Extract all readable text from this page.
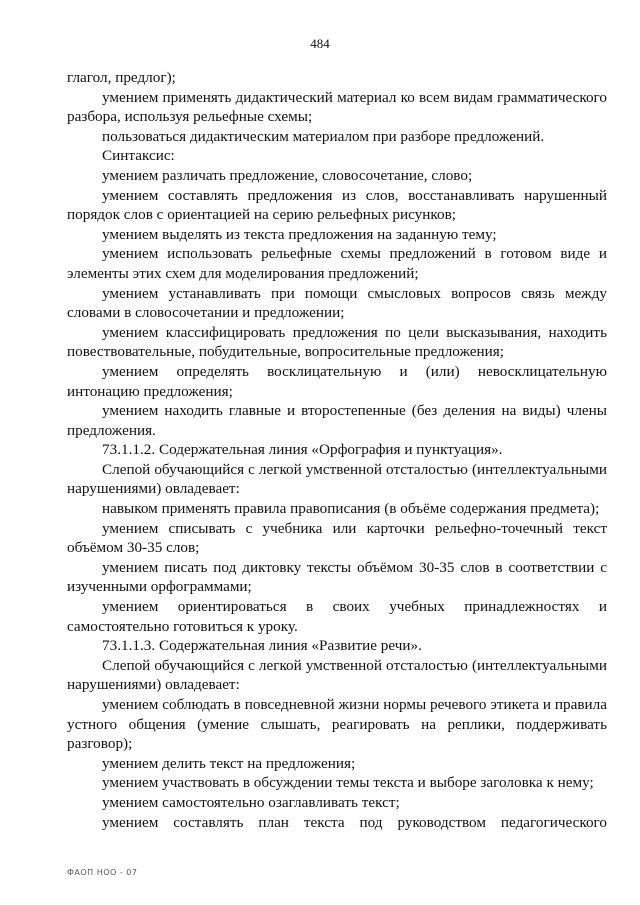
484

глагол, предлог);

умением применять дидактический материал ко всем видам грамматического разбора, используя рельефные схемы;

пользоваться дидактическим материалом при разборе предложений.

Синтаксис:

умением различать предложение, словосочетание, слово;

умением составлять предложения из слов, восстанавливать нарушенный порядок слов с ориентацией на серию рельефных рисунков;

умением выделять из текста предложения на заданную тему;

умением использовать рельефные схемы предложений в готовом виде и элементы этих схем для моделирования предложений;

умением устанавливать при помощи смысловых вопросов связь между словами в словосочетании и предложении;

умением классифицировать предложения по цели высказывания, находить повествовательные, побудительные, вопросительные предложения;

умением определять восклицательную и (или) невосклицательную интонацию предложения;

умением находить главные и второстепенные (без деления на виды) члены предложения.

73.1.1.2. Содержательная линия «Орфография и пунктуация».

Слепой обучающийся с легкой умственной отсталостью (интеллектуальными нарушениями) овладевает:

навыком применять правила правописания (в объёме содержания предмета);

умением списывать с учебника или карточки рельефно-точечный текст объёмом 30-35 слов;

умением писать под диктовку тексты объёмом 30-35 слов в соответствии с изученными орфограммами;

умением ориентироваться в своих учебных принадлежностях и самостоятельно готовиться к уроку.

73.1.1.3. Содержательная линия «Развитие речи».

Слепой обучающийся с легкой умственной отсталостью (интеллектуальными нарушениями) овладевает:

умением соблюдать в повседневной жизни нормы речевого этикета и правила устного общения (умение слышать, реагировать на реплики, поддерживать разговор);

умением делить текст на предложения;

умением участвовать в обсуждении темы текста и выборе заголовка к нему;

умением самостоятельно озаглавливать текст;

умением составлять план текста под руководством педагогического

ФАОП НОО - 07
